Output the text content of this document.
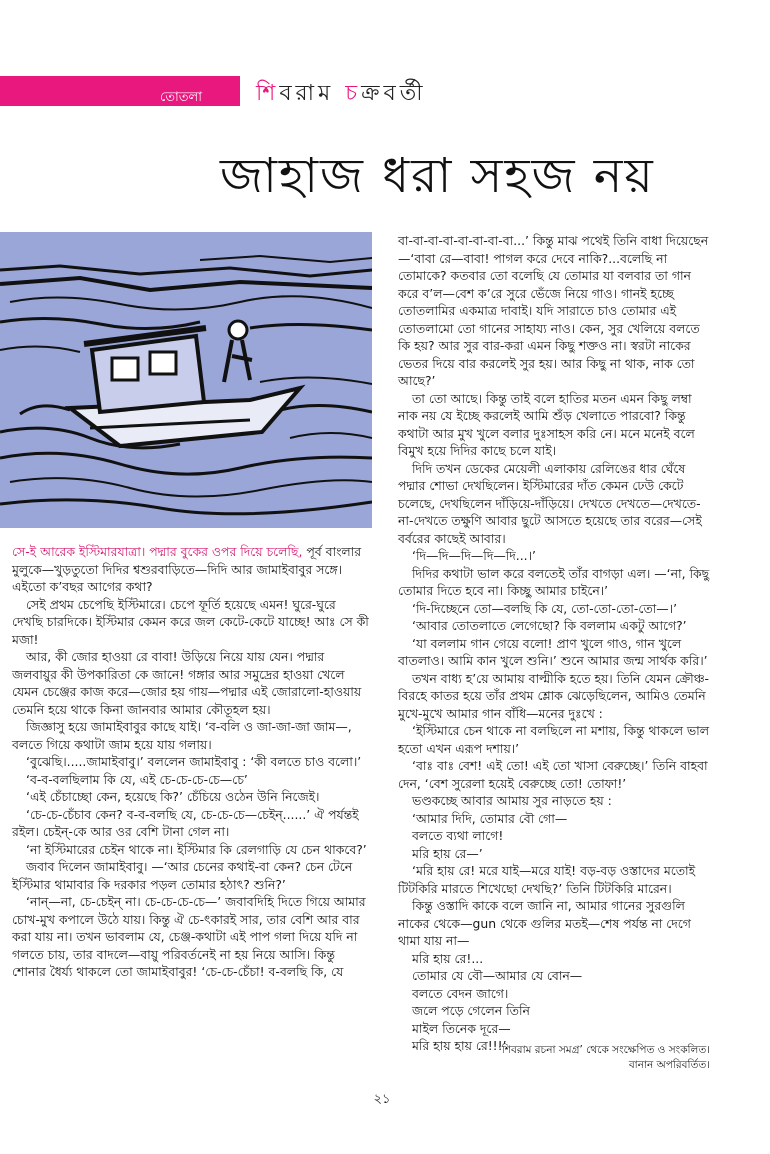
তোতলা শিবরাম চক্রবর্তী
জাহাজ ধরা সহজ নয়

সে-ই আরেক ইস্টিমারযাত্রা। পদ্মার বুকের ওপর দিয়ে চলেছি, পূর্ব বাংলার মুলুকে—খুড়তুতো দিদির শ্বশুরবাড়িতে—দিদি আর জামাইবাবুর সঙ্গে। এইতো ক’বছর আগের কথা?

সেই প্রথম চেপেছি ইস্টিমারে। চেপে ফূর্তি হয়েছে এমন! ঘুরে-ঘুরে দেখছি চারদিকে। ইস্টিমার কেমন করে জল কেটে-কেটে যাচ্ছে! আঃ সে কী মজা!

আর, কী জোর হাওয়া রে বাবা! উড়িয়ে নিয়ে যায় যেন। পদ্মার জলবায়ুর কী উপকারিতা কে জানে! গঙ্গার আর সমুদ্রের হাওয়া খেলে যেমন চেঞ্জের কাজ করে—জোর হয় গায়—পদ্মার এই জোরালো-হাওয়ায় তেমনি হয়ে থাকে কিনা জানবার আমার কৌতূহল হয়।

জিজ্ঞাসু হয়ে জামাইবাবুর কাছে যাই। ‘ব-বলি ও জা-জা-জা জাম—, বলতে গিয়ে কথাটা জাম হয়ে যায় গলায়।

‘বুঝেছি।.....জামাইবাবু।’ বললেন জামাইবাবু : ‘কী বলতে চাও বলো।’

‘ব-ব-বলছিলাম কি যে, এই চে-চে-চে-চে—চে’

‘এই চেঁচাচ্ছো কেন, হয়েছে কি?’ চেঁচিয়ে ওঠেন উনি নিজেই।

‘চে-চে-চেঁচাব কেন? ব-ব-বলছি যে, চে-চে-চে—চেইন্‌......’ ঐ পর্যন্তই রইল। চেইন্‌-কে আর ওর বেশি টানা গেল না।

‘না ইস্টিমারের চেইন থাকে না। ইস্টিমার কি রেলগাড়ি যে চেন থাকবে?’

জবাব দিলেন জামাইবাবু। —‘আর চেনের কথাই-বা কেন? চেন টেনে ইস্টিমার থামাবার কি দরকার পড়ল তোমার হঠাৎ? শুনি?’

‘নান্‌—না, চে-চেইন্‌ না। চে-চে-চে-চে—’ জবাবদিহি দিতে গিয়ে আমার চোখ-মুখ কপালে উঠে যায়। কিন্তু ঐ চে-ৎকারই সার, তার বেশি আর বার করা যায় না। তখন ভাবলাম যে, চেঞ্জ-কথাটা এই পাপ গলা দিয়ে যদি না গলতে চায়, তার বাদলে—বায়ু পরিবর্তনেই না হয় নিয়ে আসি। কিন্তু শোনার ধৈর্য্য থাকলে তো জামাইবাবুর! ‘চে-চে-চেঁচা! ব-বলছি কি, যে

বা-বা-বা-বা-বা-বা-বা-বা...’ কিন্তু মাঝ পথেই তিনি বাধা দিয়েছেন—‘বাবা রে—বাবা! পাগল করে দেবে নাকি?...বলেছি না তোমাকে? কতবার তো বলেছি যে তোমার যা বলবার তা গান করে ব’ল—বেশ ক’রে সুরে ভেঁজে নিয়ে গাও। গানই হচ্ছে তোতলামির একমাত্র দাবাই। যদি সারাতে চাও তোমার এই তোতলামো তো গানের সাহায্য নাও। কেন, সুর খেলিয়ে বলতে কি হয়? আর সুর বার-করা এমন কিছু শক্তও না। স্বরটা নাকের ভেতর দিয়ে বার করলেই সুর হয়। আর কিছু না থাক, নাক তো আছে?’

তা তো আছে। কিন্তু তাই বলে হাতির মতন এমন কিছু লম্বা নাক নয় যে ইচ্ছে করলেই আমি শুঁড় খেলাতে পারবো? কিন্তু কথাটা আর মুখ খুলে বলার দুঃসাহস করি নে। মনে মনেই বলে বিমুখ হয়ে দিদির কাছে চলে যাই।

দিদি তখন ডেকের মেয়েলী এলাকায় রেলিঙের ধার ঘেঁষে পদ্মার শোভা দেখছিলেন। ইস্টিমারের দাঁত কেমন ঢেউ কেটে চলেছে, দেখছিলেন দাঁড়িয়ে-দাঁড়িয়ে। দেখতে দেখতে—দেখতে-না-দেখতে তক্ষুণি আবার ছুটে আসতে হয়েছে তার বরের—সেই বর্বরের কাছেই আবার।

‘দি—দি—দি—দি—দি...।’

দিদির কথাটা ভাল করে বলতেই তাঁর বাগড়া এল। —‘না, কিছু তোমার দিতে হবে না। কিচ্ছু আমার চাইনে।’

‘দি-দিচ্ছেনে তো—বলছি কি যে, তো-তো-তো-তো—।’

‘আবার তোতলাতে লেগেছো? কি বললাম একটু আগে?’

‘যা বললাম গান গেয়ে বলো! প্রাণ খুলে গাও, গান খুলে বাতলাও। আমি কান খুলে শুনি।’ শুনে আমার জন্ম সার্থক করি।’

তখন বাধ্য হ’য়ে আমায় বাল্মীকি হতে হয়। তিনি যেমন ক্রৌঞ্চ-বিরহে কাতর হয়ে তাঁর প্রথম শ্লোক ঝেড়েছিলেন, আমিও তেমনি মুখে-মুখে আমার গান বাঁধি—মনের দুঃখে :

‘ইস্টিমারে চেন থাকে না বলছিলে না মশায়, কিন্তু থাকলে ভাল হতো এখন এরূপ দশায়।’

‘বাঃ বাঃ বেশ! এই তো! এই তো খাসা বেরুচ্ছে।’ তিনি বাহবা দেন, ‘বেশ সুরেলা হয়েই বেরুচ্ছে তো! তোফা!’

ভণ্ডকচ্ছে আবার আমায় সুর নাড়তে হয় :

‘আমার দিদি, তোমার বৌ গো—

বলতে ব্যথা লাগে!

মরি হায় রে—’

‘মরি হায় রে! মরে যাই—মরে যাই! বড়-বড় ওস্তাদের মতোই টিটকিরি মারতে শিখেছো দেখছি?’ তিনি টিটকিরি মারেন।

কিন্তু ওস্তাদি কাকে বলে জানি না, আমার গানের সুরগুলি নাকের থেকে—gun থেকে গুলির মতই—শেষ পর্যন্ত না দেগে থামা যায় না—

মরি হায় রে!...

তোমার যে বৌ—আমার যে বোন—

বলতে বেদন জাগে।

জলে পড়ে গেলেন তিনি

মাইল তিনেক দূরে—

মরি হায় হায় রে!!!’

‘শিবরাম রচনা সমগ্র’ থেকে সংক্ষেপিত ও সংকলিত।
বানান অপরিবর্তিত।
২১
